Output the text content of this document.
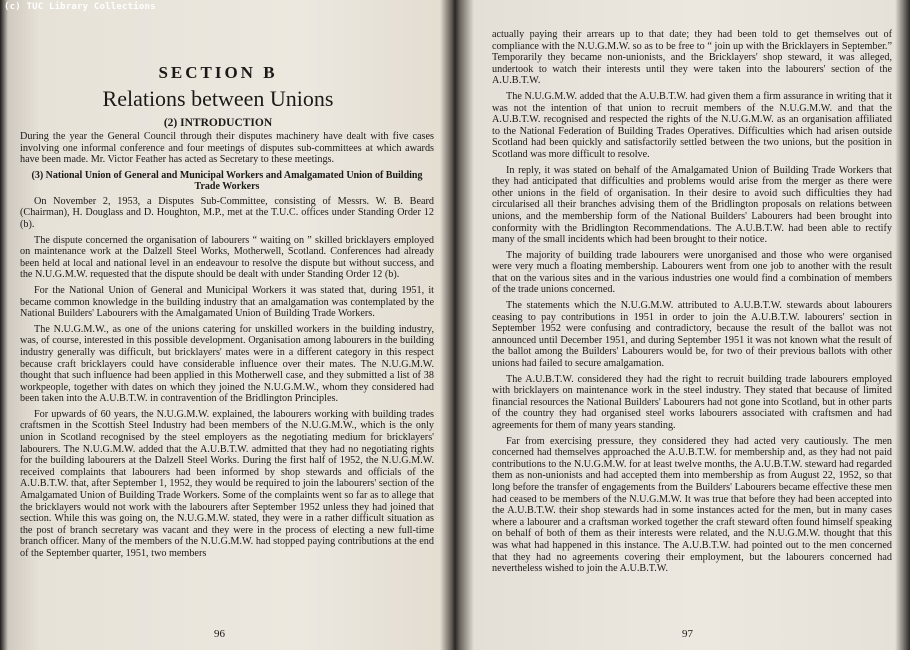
(c) TUC Library Collections
SECTION B
Relations between Unions
(2) INTRODUCTION

During the year the General Council through their disputes machinery have dealt with five cases involving one informal conference and four meetings of disputes sub-committees at which awards have been made. Mr. Victor Feather has acted as Secretary to these meetings.

(3) National Union of General and Municipal Workers and Amalgamated Union of Building Trade Workers

On November 2, 1953, a Disputes Sub-Committee, consisting of Messrs. W. B. Beard (Chairman), H. Douglass and D. Houghton, M.P., met at the T.U.C. offices under Standing Order 12 (b).

The dispute concerned the organisation of labourers “ waiting on ” skilled bricklayers employed on maintenance work at the Dalzell Steel Works, Motherwell, Scotland. Conferences had already been held at local and national level in an endeavour to resolve the dispute but without success, and the N.U.G.M.W. requested that the dispute should be dealt with under Standing Order 12 (b).

For the National Union of General and Municipal Workers it was stated that, during 1951, it became common knowledge in the building industry that an amalgamation was contemplated by the National Builders' Labourers with the Amalgamated Union of Building Trade Workers.

The N.U.G.M.W., as one of the unions catering for unskilled workers in the building industry, was, of course, interested in this possible development. Organisation among labourers in the building industry generally was difficult, but bricklayers' mates were in a different category in this respect because craft bricklayers could have considerable influence over their mates. The N.U.G.M.W. thought that such influence had been applied in this Motherwell case, and they submitted a list of 38 workpeople, together with dates on which they joined the N.U.G.M.W., whom they considered had been taken into the A.U.B.T.W. in contravention of the Bridlington Principles.

For upwards of 60 years, the N.U.G.M.W. explained, the labourers working with building trades craftsmen in the Scottish Steel Industry had been members of the N.U.G.M.W., which is the only union in Scotland recognised by the steel employers as the negotiating medium for bricklayers' labourers. The N.U.G.M.W. added that the A.U.B.T.W. admitted that they had no negotiating rights for the building labourers at the Dalzell Steel Works. During the first half of 1952, the N.U.G.M.W. received complaints that labourers had been informed by shop stewards and officials of the A.U.B.T.W. that, after September 1, 1952, they would be required to join the labourers' section of the Amalgamated Union of Building Trade Workers. Some of the complaints went so far as to allege that the bricklayers would not work with the labourers after September 1952 unless they had joined that section. While this was going on, the N.U.G.M.W. stated, they were in a rather difficult situation as the post of branch secretary was vacant and they were in the process of electing a new full-time branch officer. Many of the members of the N.U.G.M.W. had stopped paying contributions at the end of the September quarter, 1951, two members

96

actually paying their arrears up to that date; they had been told to get themselves out of compliance with the N.U.G.M.W. so as to be free to “ join up with the Bricklayers in September.” Temporarily they became non-unionists, and the Bricklayers' shop steward, it was alleged, undertook to watch their interests until they were taken into the labourers' section of the A.U.B.T.W.

The N.U.G.M.W. added that the A.U.B.T.W. had given them a firm assurance in writing that it was not the intention of that union to recruit members of the N.U.G.M.W. and that the A.U.B.T.W. recognised and respected the rights of the N.U.G.M.W. as an organisation affiliated to the National Federation of Building Trades Operatives. Difficulties which had arisen outside Scotland had been quickly and satisfactorily settled between the two unions, but the position in Scotland was more difficult to resolve.

In reply, it was stated on behalf of the Amalgamated Union of Building Trade Workers that they had anticipated that difficulties and problems would arise from the merger as there were other unions in the field of organisation. In their desire to avoid such difficulties they had circularised all their branches advising them of the Bridlington proposals on relations between unions, and the membership form of the National Builders' Labourers had been brought into conformity with the Bridlington Recommendations. The A.U.B.T.W. had been able to rectify many of the small incidents which had been brought to their notice.

The majority of building trade labourers were unorganised and those who were organised were very much a floating membership. Labourers went from one job to another with the result that on the various sites and in the various industries one would find a combination of members of the trade unions concerned.

The statements which the N.U.G.M.W. attributed to A.U.B.T.W. stewards about labourers ceasing to pay contributions in 1951 in order to join the A.U.B.T.W. labourers' section in September 1952 were confusing and contradictory, because the result of the ballot was not announced until December 1951, and during September 1951 it was not known what the result of the ballot among the Builders' Labourers would be, for two of their previous ballots with other unions had failed to secure amalgamation.

The A.U.B.T.W. considered they had the right to recruit building trade labourers employed with bricklayers on maintenance work in the steel industry. They stated that because of limited financial resources the National Builders' Labourers had not gone into Scotland, but in other parts of the country they had organised steel works labourers associated with craftsmen and had agreements for them of many years standing.

Far from exercising pressure, they considered they had acted very cautiously. The men concerned had themselves approached the A.U.B.T.W. for membership and, as they had not paid contributions to the N.U.G.M.W. for at least twelve months, the A.U.B.T.W. steward had regarded them as non-unionists and had accepted them into membership as from August 22, 1952, so that long before the transfer of engagements from the Builders' Labourers became effective these men had ceased to be members of the N.U.G.M.W. It was true that before they had been accepted into the A.U.B.T.W. their shop stewards had in some instances acted for the men, but in many cases where a labourer and a craftsman worked together the craft steward often found himself speaking on behalf of both of them as their interests were related, and the N.U.G.M.W. thought that this was what had happened in this instance. The A.U.B.T.W. had pointed out to the men concerned that they had no agreements covering their employment, but the labourers concerned had nevertheless wished to join the A.U.B.T.W.

97
